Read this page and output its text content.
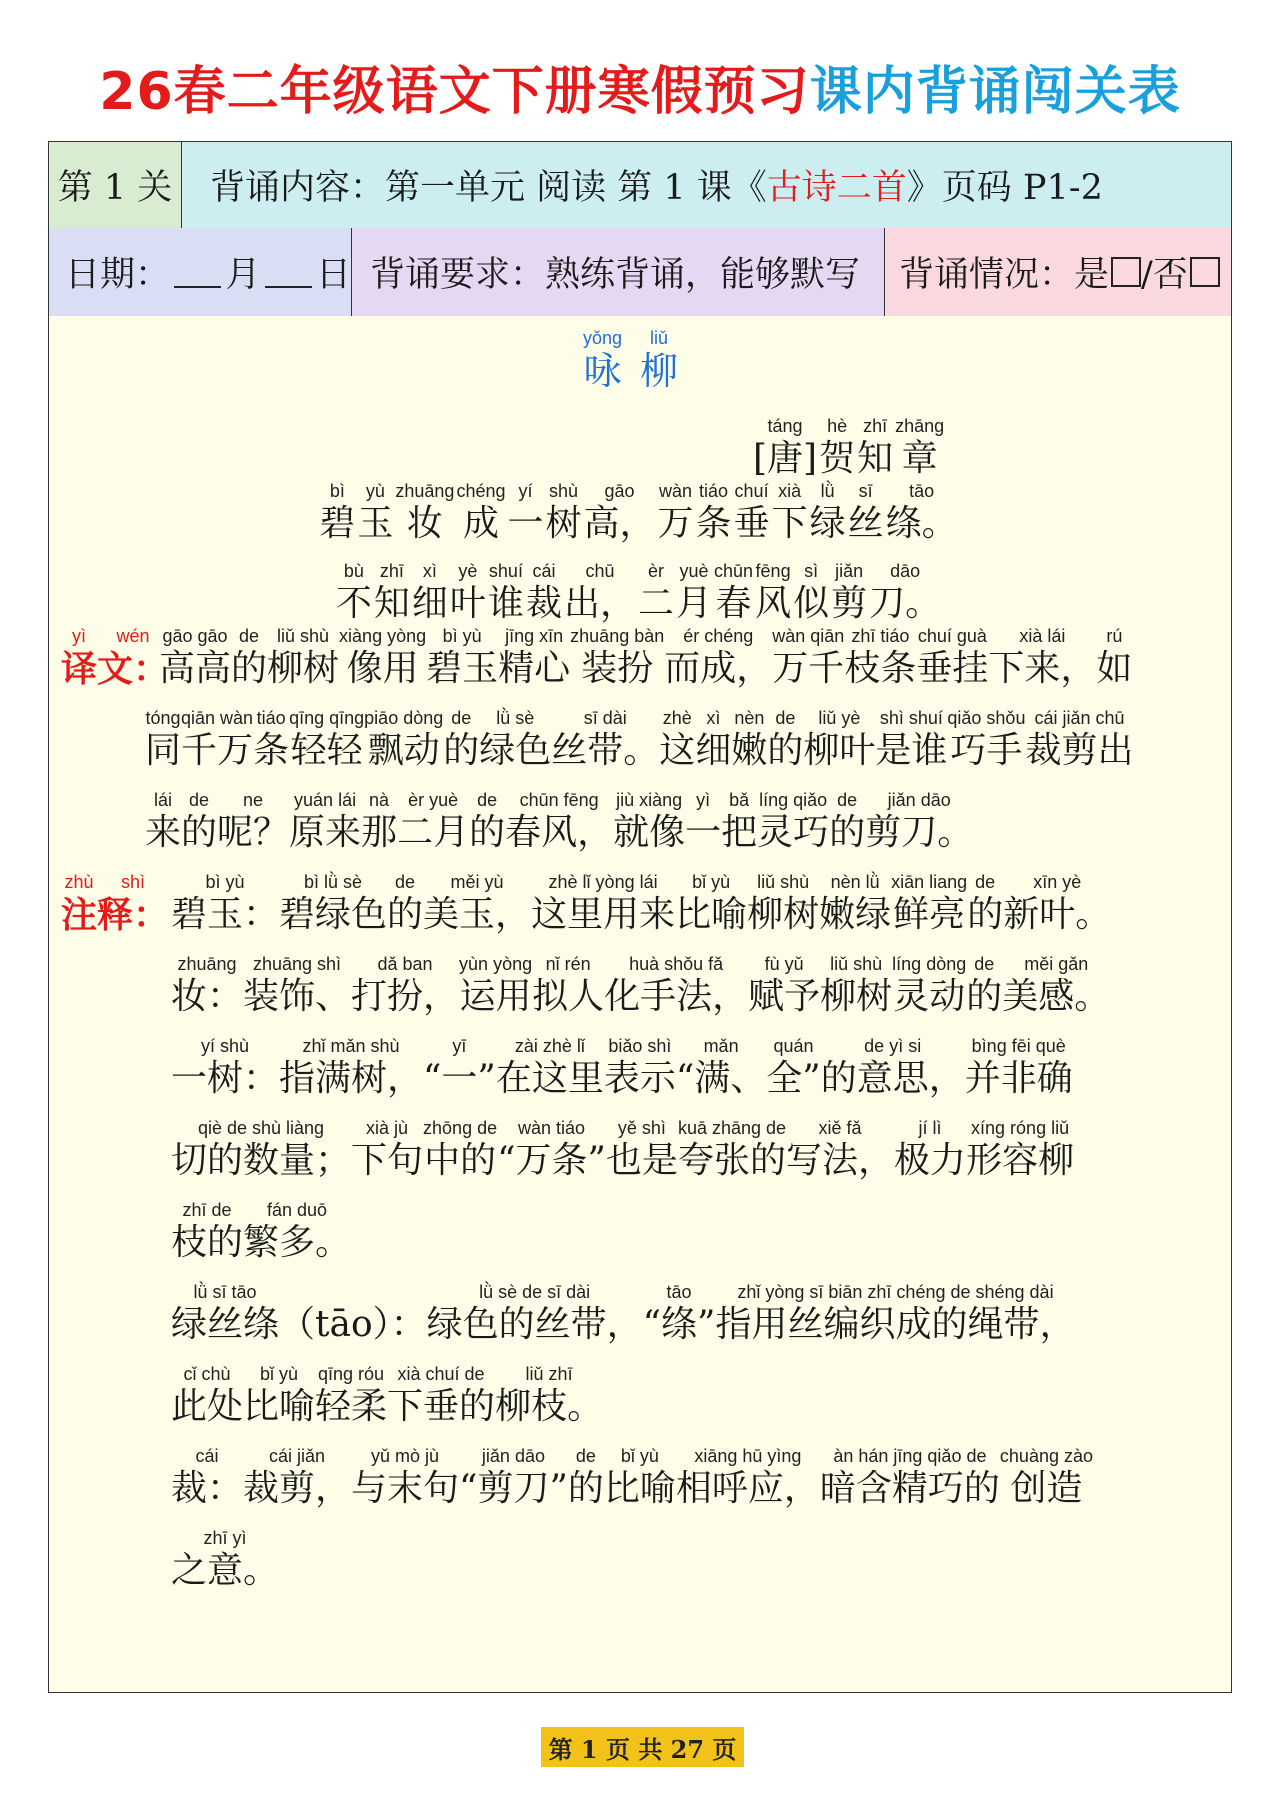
26春二年级语文下册寒假预习课内背诵闯关表
第 1 关 背诵内容：第一单元 阅读 第 1 课《 古诗二首 》页码 P1-2
日期： 月 日 背诵要求：熟练背诵，能够默写	背诵情况：是 /否
yǒng
咏
liǔ
柳
táng
[唐]
hè
贺
zhī
知
zhāng
章
bì
碧
yù
玉
zhuāng
妆
chéng
成
yí
一
shù
树
gāo
高，
wàn
万
tiáo
条
chuí
垂
xià
下
lǜ
绿
sī
丝
tāo
绦。
bù
不
zhī
知
xì
细
yè
叶
shuí
谁
cái
裁
chū
出，
èr
二
yuè
月
chūn
春
fēng
风
sì
似
jiǎn
剪
dāo
刀。
yì
译
wén
文：
gāo gāo
高高
de
的
liǔ shù
柳树
xiàng yòng
像用
bì yù
碧玉
jīng xīn
精心
zhuāng bàn
装扮
ér chéng
而成，
wàn qiān
万千
zhī tiáo
枝条
chuí guà
垂挂
xià lái
下来，
rú
如
tóng
同
qiān wàn
千万
tiáo
条
qīng qīng
轻轻
piāo dòng
飘动
de
的
lǜ sè
绿色
sī dài
丝带。
zhè
这
xì
细
nèn
嫩
de
的
liǔ yè
柳叶
shì shuí
是谁
qiǎo shǒu
巧手
cái jiǎn chū
裁剪出
lái
来
de
的
ne
呢？
yuán lái
原来
nà
那
èr yuè
二月
de
的
chūn fēng
春风，
jiù xiàng
就像
yì
一
bǎ
把
líng qiǎo
灵巧
de
的
jiǎn dāo
剪刀。
zhù
注
shì
释：
bì yù
碧玉：
bì lǜ sè
碧绿色
de
的
měi yù
美玉，
zhè lǐ yòng lái
这里用来
bǐ yù
比喻
liǔ shù
柳树
nèn lǜ
嫩绿
xiān liang
鲜亮
de
的
xīn yè
新叶。
zhuāng
妆：
zhuāng shì
装饰、
dǎ ban
打扮，
yùn yòng
运用
nǐ rén
拟人
huà shǒu fǎ
化手法，
fù yǔ
赋予
liǔ shù
柳树
líng dòng
灵动
de
的
měi gǎn
美感。
yí shù
一树：
zhǐ mǎn shù
指满树，
yī
“一”
zài zhè lǐ
在这里
biǎo shì
表示
mǎn
“满、
quán
全”
de yì si
的意思，
bìng fēi què
并非确
qiè de shù liàng
切的数量；
xià jù
下句
zhōng de
中的
wàn tiáo
“万条”
yě shì
也是
kuā zhāng de
夸张的
xiě fǎ
写法，
jí lì
极力
xíng róng liǔ
形容柳
zhī de
枝的
fán duō
繁多。
lǜ sī tāo
绿丝绦 （tāo）：
lǜ sè de sī dài
绿色的丝带，
tāo
“绦”
zhǐ yòng sī biān zhī chéng de shéng dài
指用丝编织成的绳带，
cǐ chù
此处
bǐ yù
比喻
qīng róu
轻柔
xià chuí de
下垂的
liǔ zhī
柳枝。
cái
裁：
cái jiǎn
裁剪，
yǔ mò jù
与末句
jiǎn dāo
“剪刀”
de
的
bǐ yù
比喻
xiāng hū yìng
相呼应，
àn hán jīng qiǎo de
暗含精巧的
chuàng zào
创造
zhī yì
之意。
第 1 页 共 27 页
